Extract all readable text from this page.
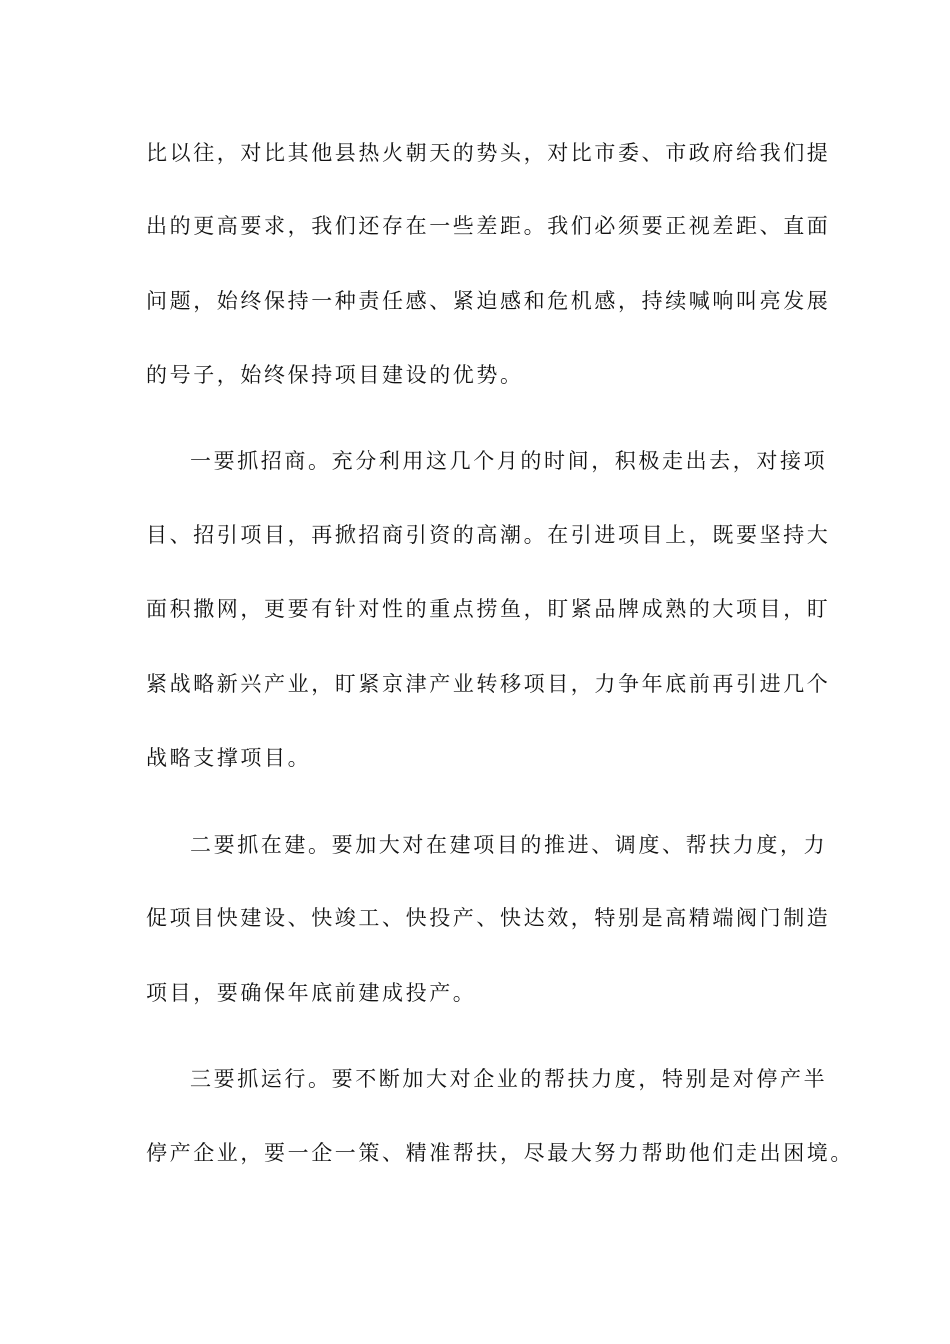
比以往，对比其他县热火朝天的势头，对比市委、市政府给我们提
出的更高要求，我们还存在一些差距。我们必须要正视差距、直面
问题，始终保持一种责任感、紧迫感和危机感，持续喊响叫亮发展
的号子，始终保持项目建设的优势。
一要抓招商。充分利用这几个月的时间，积极走出去，对接项
目、招引项目，再掀招商引资的高潮。在引进项目上，既要坚持大
面积撒网，更要有针对性的重点捞鱼，盯紧品牌成熟的大项目，盯
紧战略新兴产业，盯紧京津产业转移项目，力争年底前再引进几个
战略支撑项目。
二要抓在建。要加大对在建项目的推进、调度、帮扶力度，力
促项目快建设、快竣工、快投产、快达效，特别是高精端阀门制造
项目，要确保年底前建成投产。
三要抓运行。要不断加大对企业的帮扶力度，特别是对停产半
停产企业，要一企一策、精准帮扶，尽最大努力帮助他们走出困境。
